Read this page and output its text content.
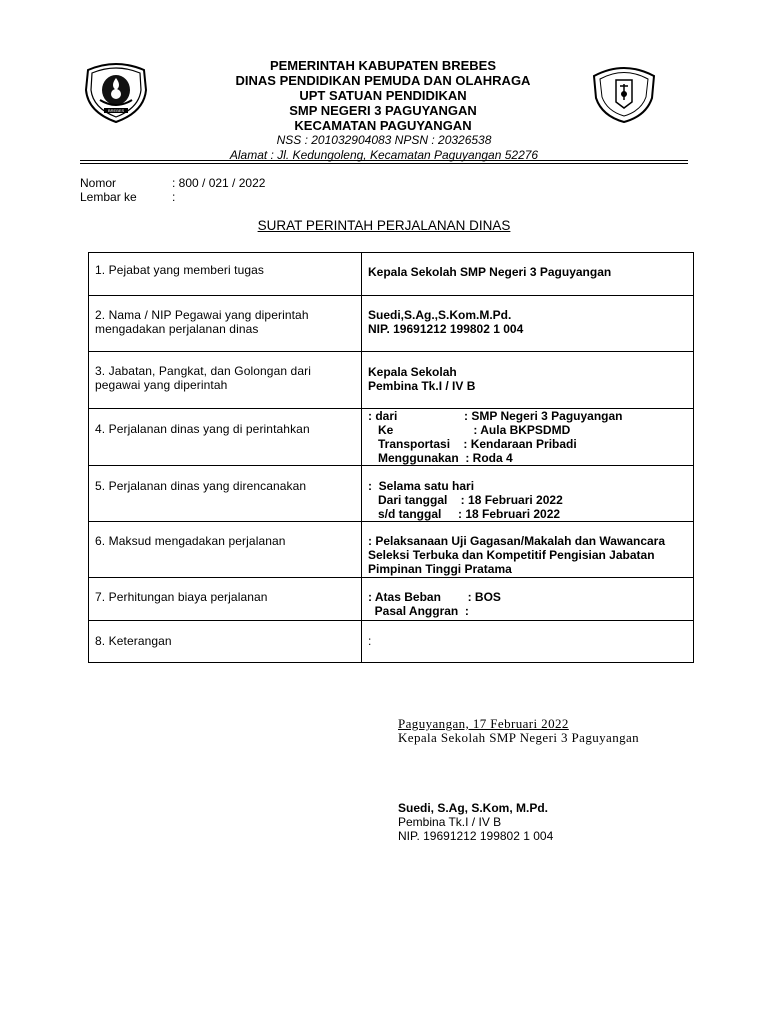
BREBES
SMP NEGERI 3 PAGUYANGAN BREBES
PEMERINTAH KABUPATEN BREBES
DINAS PENDIDIKAN PEMUDA DAN OLAHRAGA
UPT SATUAN PENDIDIKAN
SMP NEGERI 3 PAGUYANGAN
KECAMATAN PAGUYANGAN
NSS : 201032904083 NPSN : 20326538
Alamat : Jl. Kedungoleng, Kecamatan Paguyangan 52276
Nomor	: 800 / 021 / 2022
Lembar ke	:
SURAT PERINTAH PERJALANAN DINAS
1. Pejabat yang memberi tugas	Kepala Sekolah SMP Negeri 3 Paguyangan

2. Nama / NIP Pegawai yang diperintah
mengadakan perjalanan dinas	Suedi,S.Ag.,S.Kom.M.Pd.
NIP. 19691212 199802 1 004

3. Jabatan, Pangkat, dan Golongan dari
pegawai yang diperintah	Kepala Sekolah
Pembina Tk.I / IV B

4. Perjalanan dinas yang di perintahkan	: dari                    : SMP Negeri 3 Paguyangan
Ke                        : Aula BKPSDMD
Transportasi    : Kendaraan Pribadi
Menggunakan  : Roda 4

5. Perjalanan dinas yang direncanakan	:  Selama satu hari
Dari tanggal    : 18 Februari 2022
s/d tanggal     : 18 Februari 2022

6. Maksud mengadakan perjalanan	: Pelaksanaan Uji Gagasan/Makalah dan Wawancara
Seleksi Terbuka dan Kompetitif Pengisian Jabatan
Pimpinan Tinggi Pratama

7. Perhitungan biaya perjalanan	: Atas Beban        : BOS
Pasal Anggran  :

8. Keterangan	:
Paguyangan, 17 Februari 2022
Kepala Sekolah SMP Negeri 3 Paguyangan
Suedi, S.Ag, S.Kom, M.Pd.
Pembina Tk.I / IV B
NIP. 19691212 199802 1 004
